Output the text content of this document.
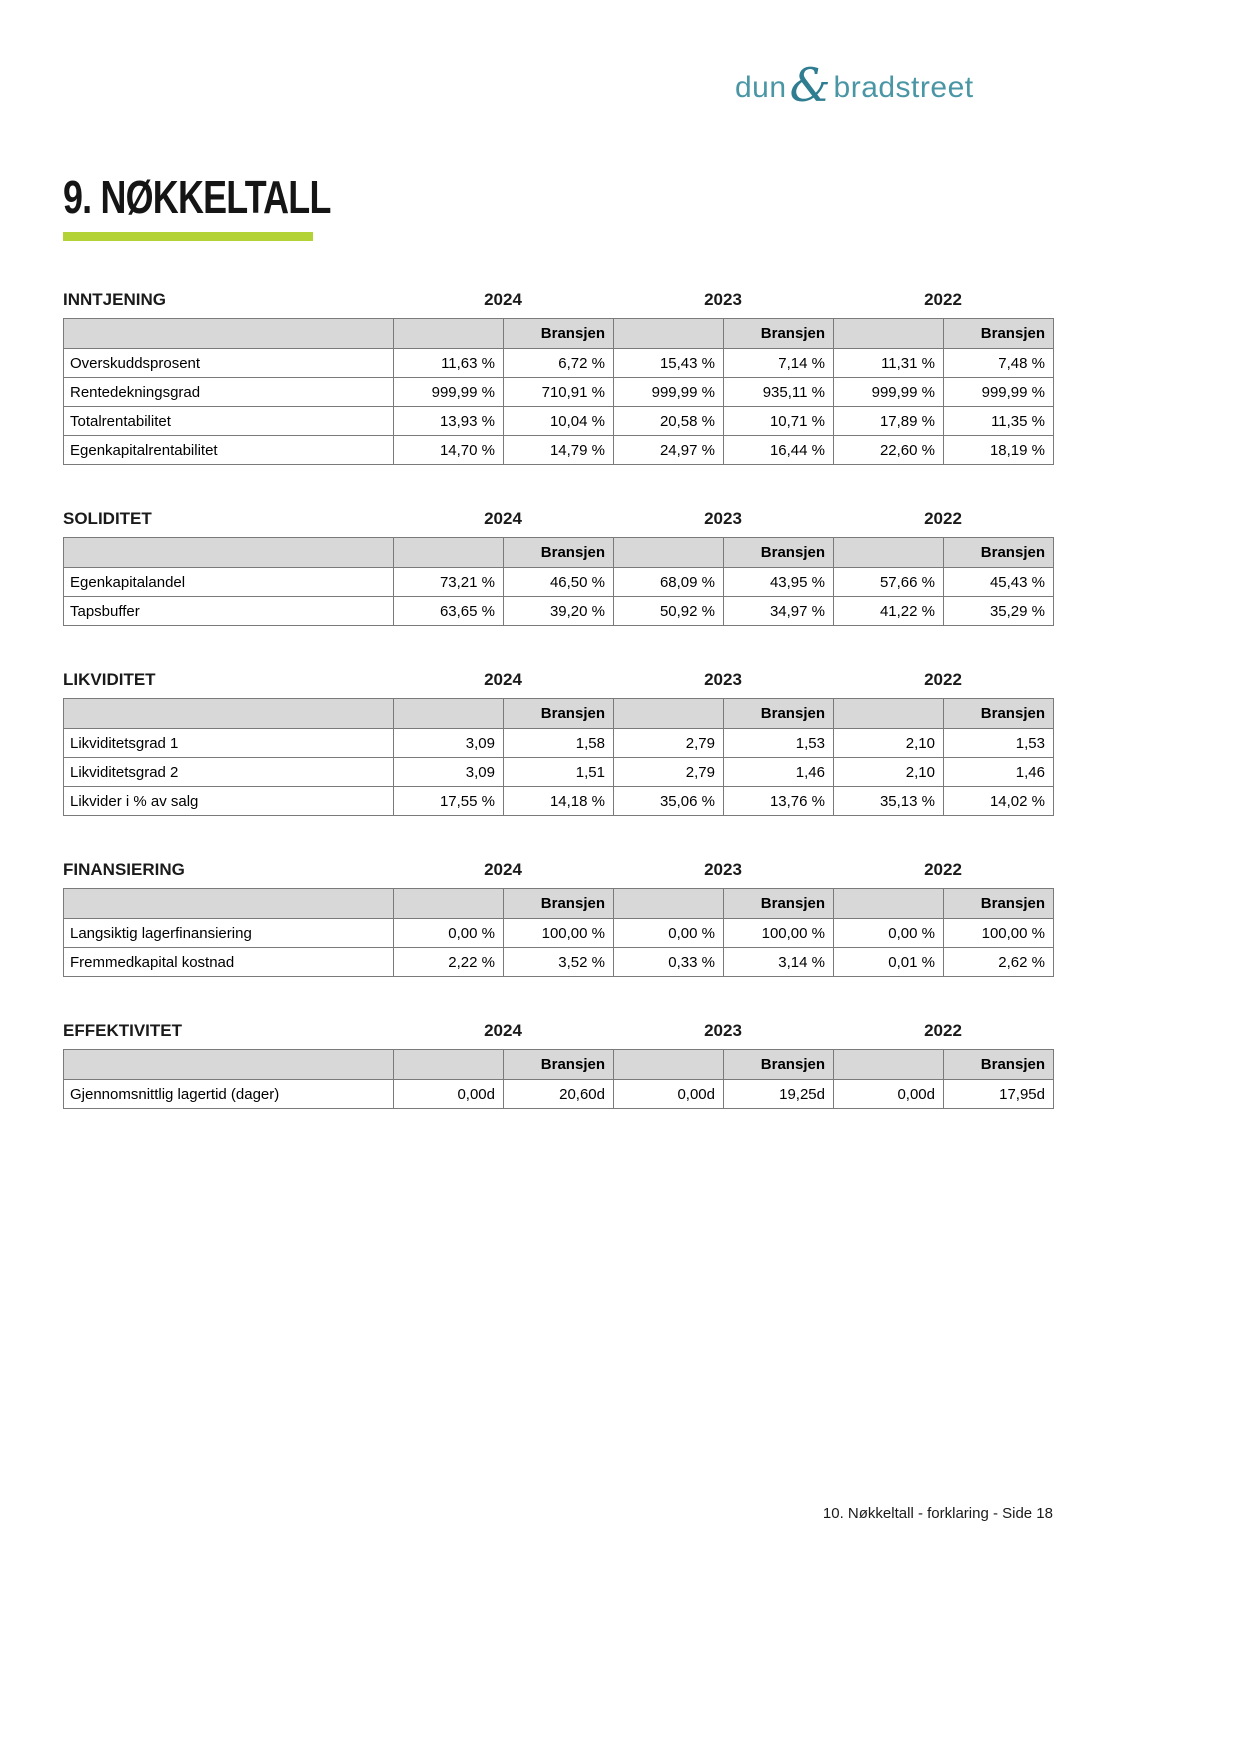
dun & bradstreet
9. NØKKELTALL
INNTJENING	2024	2023	2022
		Bransjen		Bransjen		Bransjen
Overskuddsprosent	11,63 %	6,72 %	15,43 %	7,14 %	11,31 %	7,48 %
Rentedekningsgrad	999,99 %	710,91 %	999,99 %	935,11 %	999,99 %	999,99 %
Totalrentabilitet	13,93 %	10,04 %	20,58 %	10,71 %	17,89 %	11,35 %
Egenkapitalrentabilitet	14,70 %	14,79 %	24,97 %	16,44 %	22,60 %	18,19 %
SOLIDITET	2024	2023	2022
		Bransjen		Bransjen		Bransjen
Egenkapitalandel	73,21 %	46,50 %	68,09 %	43,95 %	57,66 %	45,43 %
Tapsbuffer	63,65 %	39,20 %	50,92 %	34,97 %	41,22 %	35,29 %
LIKVIDITET	2024	2023	2022
		Bransjen		Bransjen		Bransjen
Likviditetsgrad 1	3,09	1,58	2,79	1,53	2,10	1,53
Likviditetsgrad 2	3,09	1,51	2,79	1,46	2,10	1,46
Likvider i % av salg	17,55 %	14,18 %	35,06 %	13,76 %	35,13 %	14,02 %
FINANSIERING	2024	2023	2022
		Bransjen		Bransjen		Bransjen
Langsiktig lagerfinansiering	0,00 %	100,00 %	0,00 %	100,00 %	0,00 %	100,00 %
Fremmedkapital kostnad	2,22 %	3,52 %	0,33 %	3,14 %	0,01 %	2,62 %
EFFEKTIVITET	2024	2023	2022
		Bransjen		Bransjen		Bransjen
Gjennomsnittlig lagertid (dager)	0,00d	20,60d	0,00d	19,25d	0,00d	17,95d
10. Nøkkeltall - forklaring - Side 18
